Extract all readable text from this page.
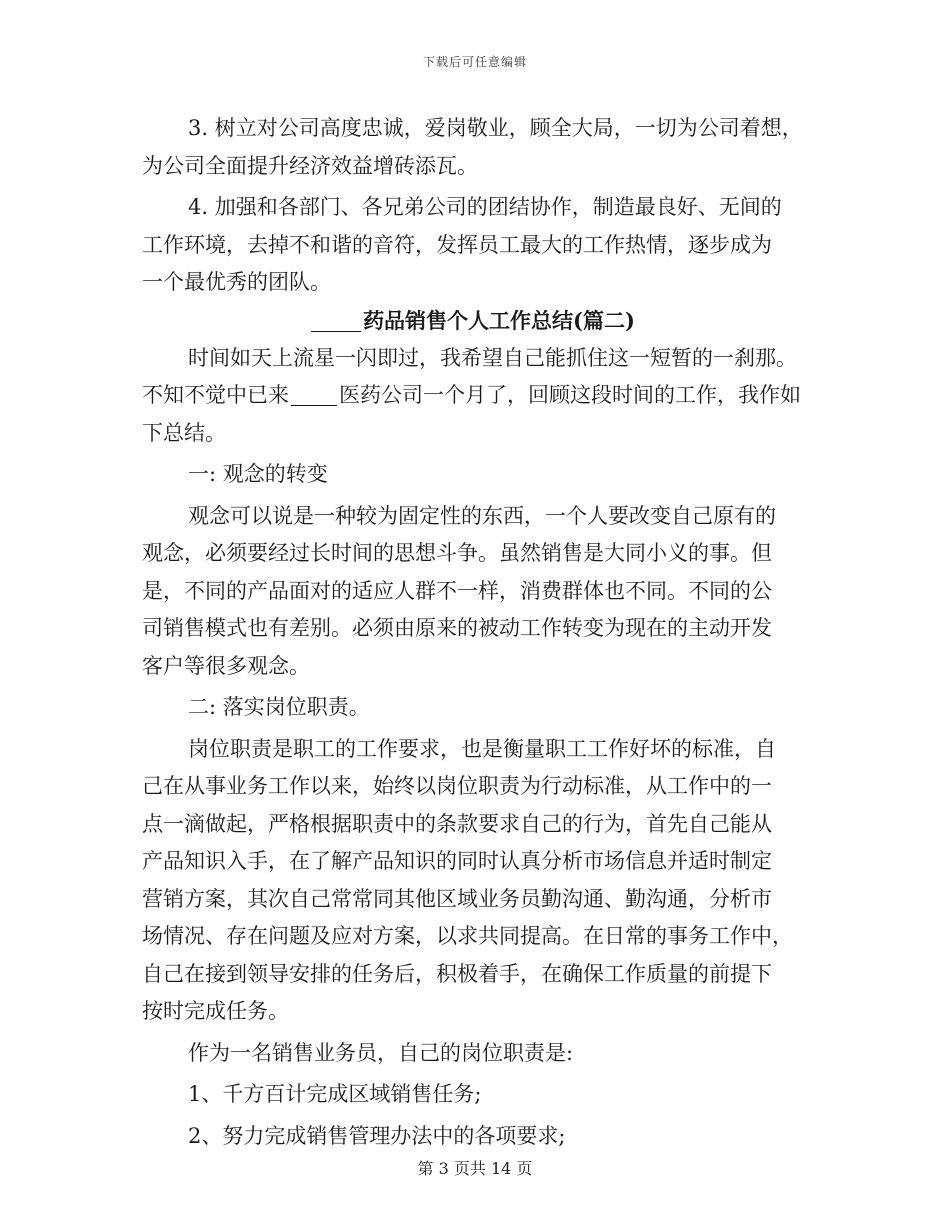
下载后可任意编辑
3. 树立对公司高度忠诚，爱岗敬业，顾全大局，一切为公司着想，
为公司全面提升经济效益增砖添瓦。
4. 加强和各部门、各兄弟公司的团结协作，制造最良好、无间的
工作环境，去掉不和谐的音符，发挥员工最大的工作热情，逐步成为
一个最优秀的团队。
药品销售个人工作总结(篇二)
时间如天上流星一闪即过，我希望自己能抓住这一短暂的一刹那。
不知不觉中已来 医药公司一个月了，回顾这段时间的工作，我作如
下总结。
一: 观念的转变
观念可以说是一种较为固定性的东西，一个人要改变自己原有的
观念，必须要经过长时间的思想斗争。虽然销售是大同小义的事。但
是，不同的产品面对的适应人群不一样，消费群体也不同。不同的公
司销售模式也有差别。必须由原来的被动工作转变为现在的主动开发
客户等很多观念。
二: 落实岗位职责。
岗位职责是职工的工作要求，也是衡量职工工作好坏的标准，自
己在从事业务工作以来，始终以岗位职责为行动标准，从工作中的一
点一滴做起，严格根据职责中的条款要求自己的行为，首先自己能从
产品知识入手，在了解产品知识的同时认真分析市场信息并适时制定
营销方案，其次自己常常同其他区域业务员勤沟通、勤沟通，分析市
场情况、存在问题及应对方案，以求共同提高。在日常的事务工作中，
自己在接到领导安排的任务后，积极着手，在确保工作质量的前提下
按时完成任务。
作为一名销售业务员，自己的岗位职责是:
1、千方百计完成区域销售任务;
2、努力完成销售管理办法中的各项要求;
第 3 页共 14 页
